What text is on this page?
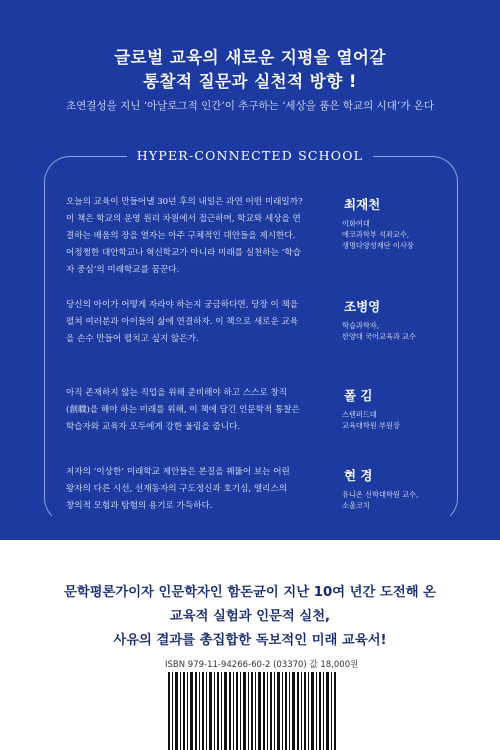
글로벌 교육의 새로운 지평을 열어갈
통찰적 질문과 실천적 방향 !
초연결성을 지닌 ‘아날로그적 인간’이 추구하는 ‘세상을 품은 학교의 시대’가 온다
HYPER-CONNECTED SCHOOL
오늘의 교육이 만들어낼 30년 후의 내일은 과연 어떤 미래일까?
이 책은 학교의 운영 원리 차원에서 접근하며, 학교와 세상을 연
결하는 배움의 장을 열자는 아주 구체적인 대안들을 제시한다.
어정쩡한 대안학교나 혁신학교가 아니라 미래를 실천하는 ‘학습
자 중심’의 미래학교를 꿈꾼다.
최재천
이화여대
에코과학부 석좌교수,
생명다양성재단 이사장
당신의 아이가 어떻게 자라야 하는지 궁금하다면, 당장 이 책을
펼쳐 여러분과 아이들의 삶에 연결하자. 이 책으로 새로운 교육
을 손수 만들어 펼치고 싶지 않은가.
조병영
학습과학자,
한양대 국어교육과 교수
아직 존재하지 않는 직업을 위해 준비해야 하고 스스로 창직
(創職)을 해야 하는 미래를 위해, 이 책에 담긴 인문학적 통찰은
학습자와 교육자 모두에게 강한 울림을 줍니다.
폴 김
스탠퍼드대
교육대학원 부원장
저자의 ‘이상한’ 미래학교 제안들은 본질을 꿰뚫어 보는 어린
왕자의 다른 시선, 선재동자의 구도정신과 호기심, 앨리스의
창의적 모험과 탐험의 용기로 가득하다.
현 경
유니온 신학대학원 교수,
소울코치
문학평론가이자 인문학자인 함돈균이 지난 10여 년간 도전해 온
교육적 실험과 인문적 실천,
사유의 결과를 총집합한 독보적인 미래 교육서!
ISBN 979-11-94266-60-2 (03370) 값 18,000원
